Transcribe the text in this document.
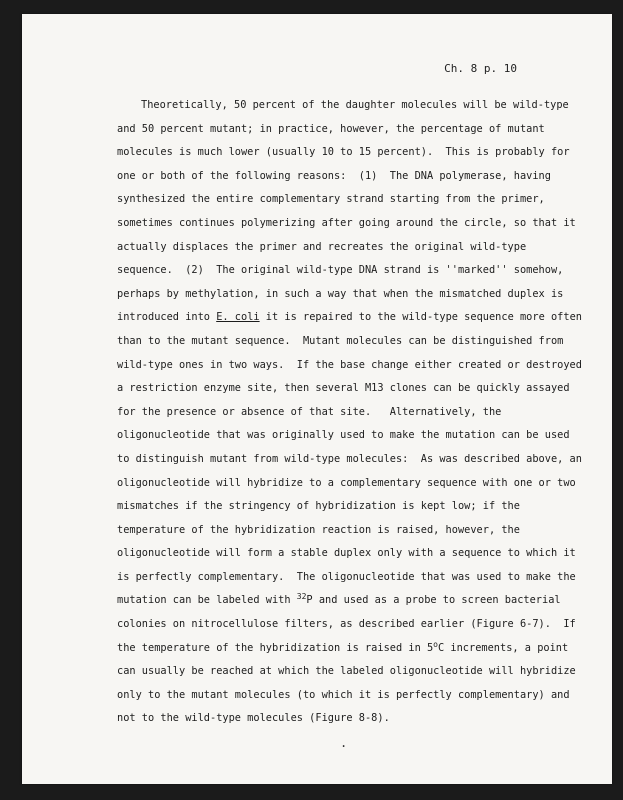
Ch. 8 p. 10
Theoretically, 50 percent of the daughter molecules will be wild-type
and 50 percent mutant; in practice, however, the percentage of mutant
molecules is much lower (usually 10 to 15 percent).  This is probably for
one or both of the following reasons:  (1)  The DNA polymerase, having
synthesized the entire complementary strand starting from the primer,
sometimes continues polymerizing after going around the circle, so that it
actually displaces the primer and recreates the original wild-type
sequence.  (2)  The original wild-type DNA strand is ''marked'' somehow,
perhaps by methylation, in such a way that when the mismatched duplex is
introduced into E. coli it is repaired to the wild-type sequence more often
than to the mutant sequence.  Mutant molecules can be distinguished from
wild-type ones in two ways.  If the base change either created or destroyed
a restriction enzyme site, then several M13 clones can be quickly assayed
for the presence or absence of that site.   Alternatively, the
oligonucleotide that was originally used to make the mutation can be used
to distinguish mutant from wild-type molecules:  As was described above, an
oligonucleotide will hybridize to a complementary sequence with one or two
mismatches if the stringency of hybridization is kept low; if the
temperature of the hybridization reaction is raised, however, the
oligonucleotide will form a stable duplex only with a sequence to which it
is perfectly complementary.  The oligonucleotide that was used to make the
mutation can be labeled with $^{32}$P and used as a probe to screen bacterial
colonies on nitrocellulose filters, as described earlier (Figure 6-7).  If
the temperature of the hybridization is raised in 5$^o$C increments, a point
can usually be reached at which the labeled oligonucleotide will hybridize
only to the mutant molecules (to which it is perfectly complementary) and
not to the wild-type molecules (Figure 8-8).
.
